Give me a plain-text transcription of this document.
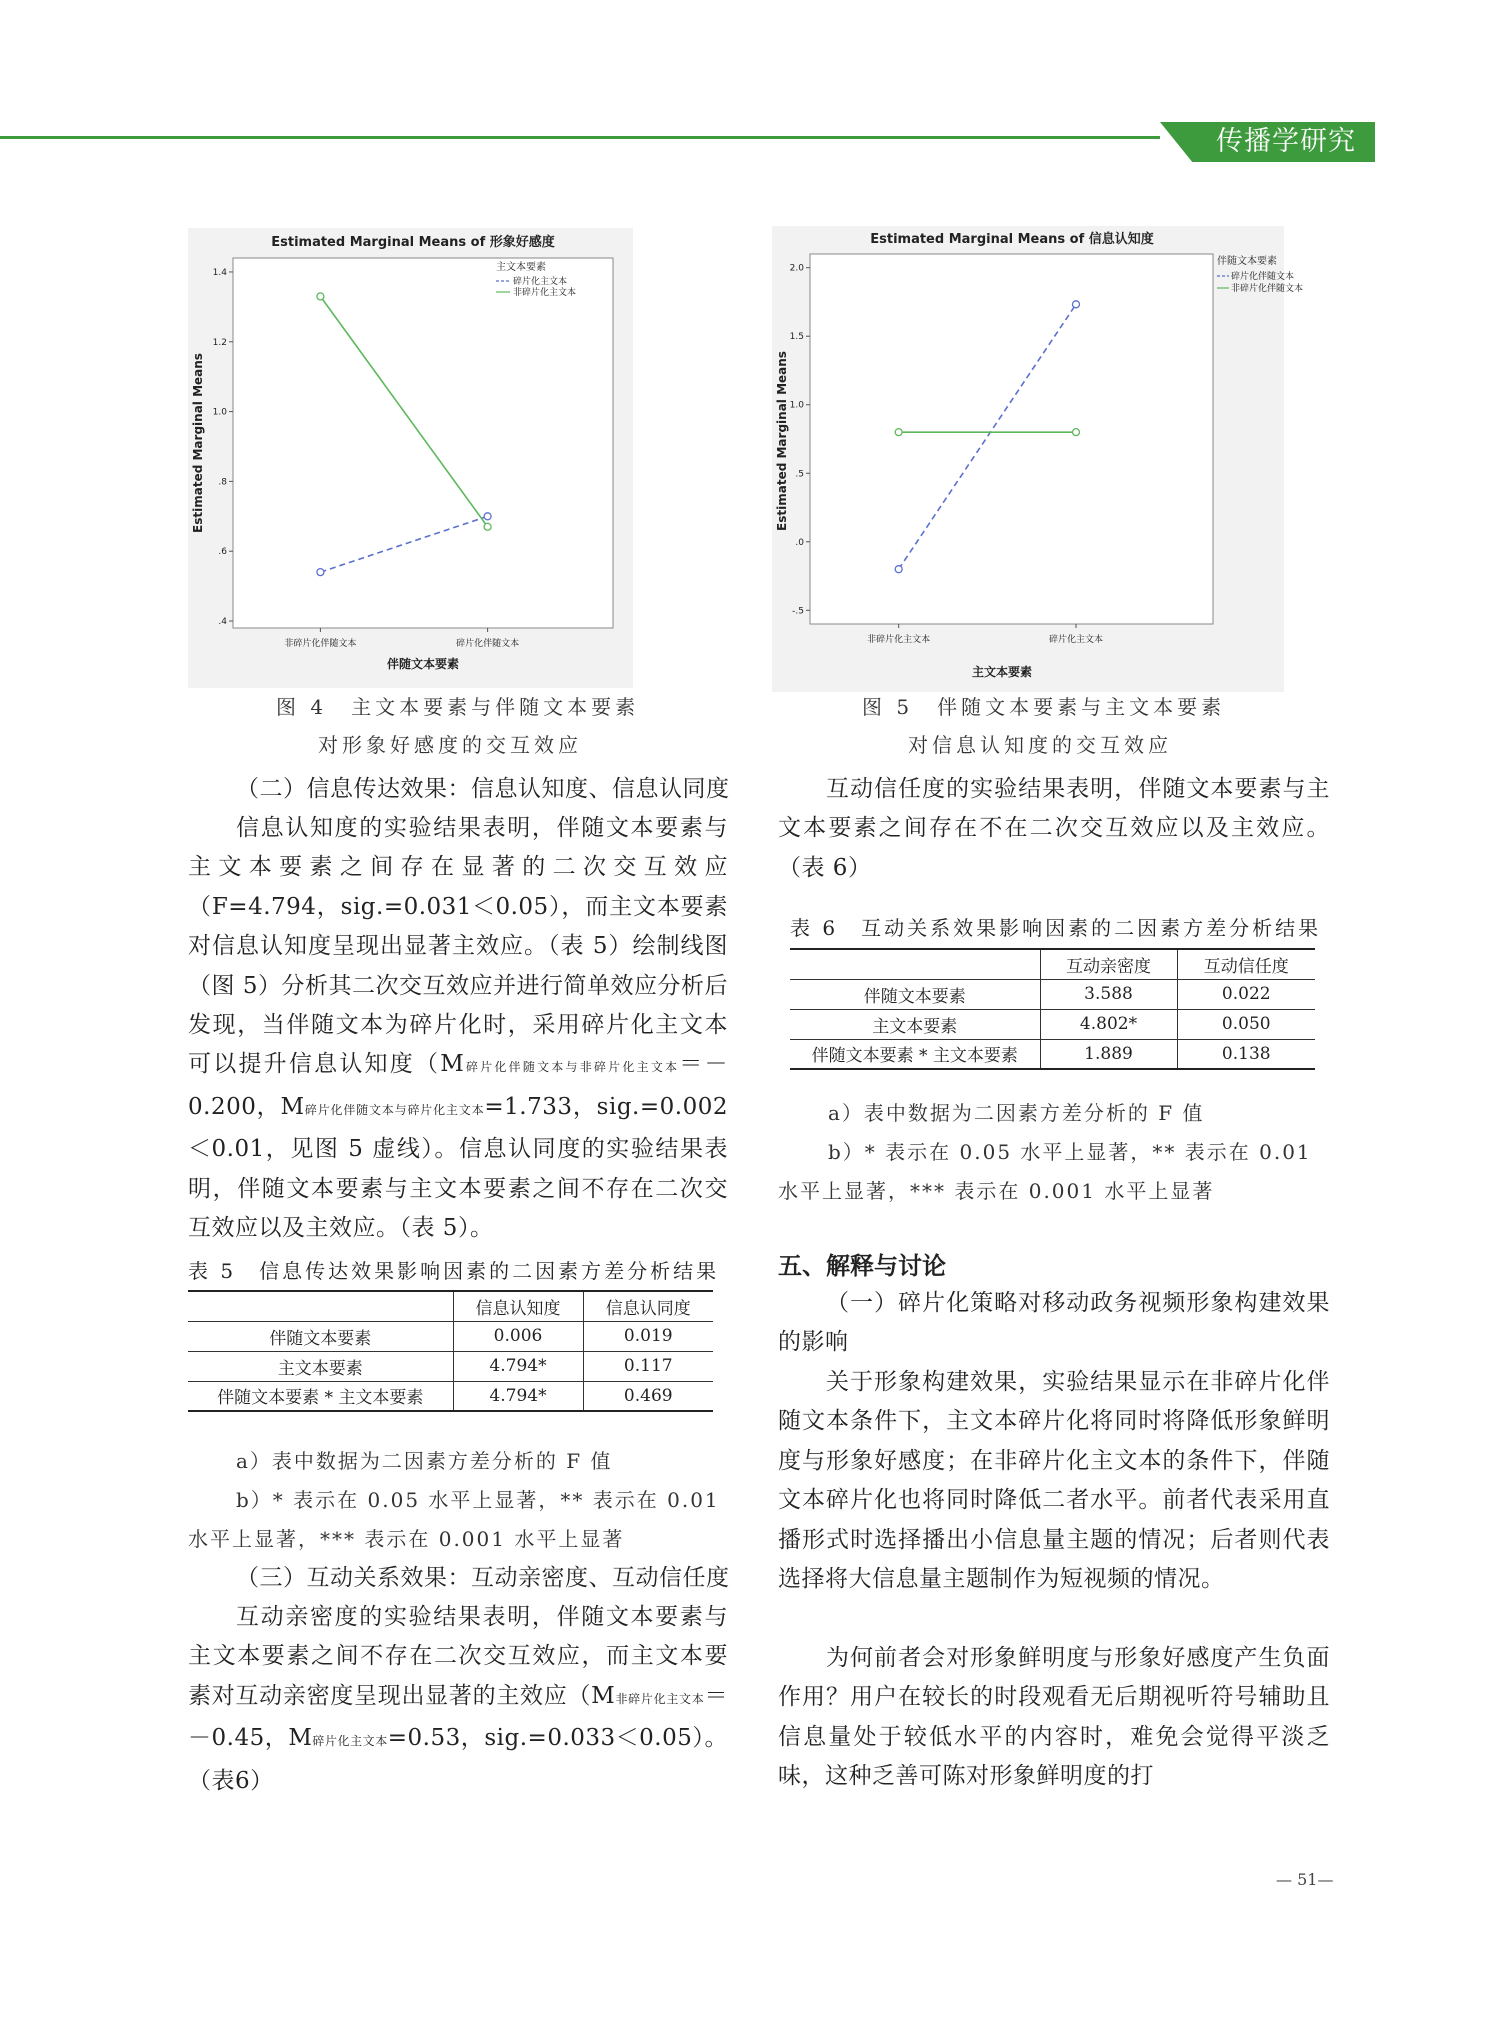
传播学研究
Estimated Marginal Means of 形象好感度
主文本要素
碎片化主文本
非碎片化主文本
Estimated Marginal Means
伴随文本要素
1.4
1.2
1.0
.8
.6
.4
非碎片化伴随文本	碎片化伴随文本
Estimated Marginal Means of 信息认知度
伴随文本要素
碎片化伴随文本
非碎片化伴随文本
Estimated Marginal Means
主文本要素
2.0
1.5
1.0
.5
.0
-.5
非碎片化主文本	碎片化主文本
图 4　主文本要素与伴随文本要素
对形象好感度的交互效应
（二）信息传达效果：信息认知度、信息认同度
信息认知度的实验结果表明，伴随文本要素与主文本要素之间存在显著的二次交互效应（F=4.794，sig.=0.031＜0.05），而主文本要素对信息认知度呈现出显著主效应。（表 5）绘制线图（图 5）分析其二次交互效应并进行简单效应分析后发现，当伴随文本为碎片化时，采用碎片化主文本可以提升信息认知度（M碎片化伴随文本与非碎片化主文本＝－0.200，M碎片化伴随文本与碎片化主文本=1.733，sig.=0.002＜0.01，见图 5 虚线）。信息认同度的实验结果表明，伴随文本要素与主文本要素之间不存在二次交互效应以及主效应。（表 5）。
表 5　信息传达效果影响因素的二因素方差分析结果
	信息认知度	信息认同度
伴随文本要素	0.006	0.019
主文本要素	4.794*	0.117
伴随文本要素 * 主文本要素	4.794*	0.469
a）表中数据为二因素方差分析的 F 值
b）* 表示在 0.05 水平上显著，** 表示在 0.01
水平上显著，*** 表示在 0.001 水平上显著
（三）互动关系效果：互动亲密度、互动信任度
互动亲密度的实验结果表明，伴随文本要素与主文本要素之间不存在二次交互效应，而主文本要素对互动亲密度呈现出显著的主效应（M非碎片化主文本＝－0.45，M碎片化主文本=0.53，sig.=0.033＜0.05）。（表6）
图 5　伴随文本要素与主文本要素
对信息认知度的交互效应
互动信任度的实验结果表明，伴随文本要素与主文本要素之间存在不在二次交互效应以及主效应。（表 6）
表 6　互动关系效果影响因素的二因素方差分析结果
	互动亲密度	互动信任度
伴随文本要素	3.588	0.022
主文本要素	4.802*	0.050
伴随文本要素 * 主文本要素	1.889	0.138
a）表中数据为二因素方差分析的 F 值
b）* 表示在 0.05 水平上显著，** 表示在 0.01
水平上显著，*** 表示在 0.001 水平上显著
五、解释与讨论
（一）碎片化策略对移动政务视频形象构建效果的影响
关于形象构建效果，实验结果显示在非碎片化伴随文本条件下，主文本碎片化将同时将降低形象鲜明度与形象好感度；在非碎片化主文本的条件下，伴随文本碎片化也将同时降低二者水平。前者代表采用直播形式时选择播出小信息量主题的情况；后者则代表选择将大信息量主题制作为短视频的情况。
为何前者会对形象鲜明度与形象好感度产生负面作用？用户在较长的时段观看无后期视听符号辅助且信息量处于较低水平的内容时，难免会觉得平淡乏味，这种乏善可陈对形象鲜明度的打
— 51—
